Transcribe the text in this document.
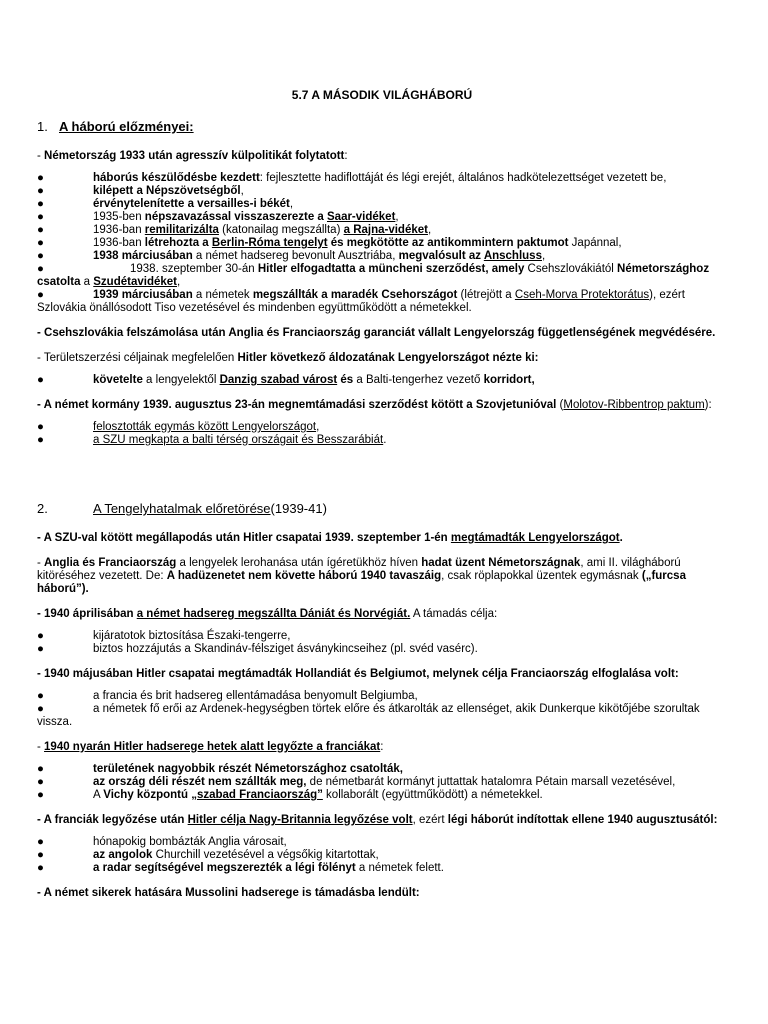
5.7 A MÁSODIK VILÁGHÁBORÚ
1. A háború előzményei:
- Németország 1933 után agresszív külpolitikát folytatott:
●	háborús készülődésbe kezdett: fejlesztette hadiflottáját és légi erejét, általános hadkötelezettséget vezetett be,
●	kilépett a Népszövetségből,
●	érvénytelenítette a versailles-i békét,
●	1935-ben népszavazással visszaszerezte a Saar-vidéket,
●	1936-ban remilitarizálta (katonailag megszállta) a Rajna-vidéket,
●	1936-ban létrehozta a Berlin-Róma tengelyt és megkötötte az antikommintern paktumot Japánnal,
●	1938 márciusában a német hadsereg bevonult Ausztriába, megvalósult az Anschluss,
●	1938. szeptember 30-án Hitler elfogadtatta a müncheni szerződést, amely Csehszlovákiától Németországhoz csatolta a Szudétavidéket,
●	1939 márciusában a németek megszállták a maradék Csehországot (létrejött a Cseh-Morva Protektorátus), ezért Szlovákia önállósodott Tiso vezetésével és mindenben együttműködött a németekkel.
- Csehszlovákia felszámolása után Anglia és Franciaország garanciát vállalt Lengyelország függetlenségének megvédésére.
- Területszerzési céljainak megfelelően Hitler következő áldozatának Lengyelországot nézte ki:
●	követelte a lengyelektől Danzig szabad várost és a Balti-tengerhez vezető korridort,
- A német kormány 1939. augusztus 23-án megnemtámadási szerződést kötött a Szovjetunióval (Molotov-Ribbentrop paktum):
●	felosztották egymás között Lengyelországot,
●	a SZU megkapta a balti térség országait és Besszarábiát.
2.	A Tengelyhatalmak előretörése(1939-41)
- A SZU-val kötött megállapodás után Hitler csapatai 1939. szeptember 1-én megtámadták Lengyelországot.
- Anglia és Franciaország a lengyelek lerohanása után ígéretükhöz híven hadat üzent Németországnak, ami II. világháború kitöréséhez vezetett. De: A hadüzenetet nem követte háború 1940 tavaszáig, csak röplapokkal üzentek egymásnak („furcsa háború”).
- 1940 áprilisában a német hadsereg megszállta Dániát és Norvégiát. A támadás célja:
●	kijáratotok biztosítása Északi-tengerre,
●	biztos hozzájutás a Skandináv-félsziget ásványkincseihez (pl. svéd vasérc).
- 1940 májusában Hitler csapatai megtámadták Hollandiát és Belgiumot, melynek célja Franciaország elfoglalása volt:
●	a francia és brit hadsereg ellentámadása benyomult Belgiumba,
●	a németek fő erői az Ardenek-hegységben törtek előre és átkarolták az ellenséget, akik Dunkerque kikötőjébe szorultak vissza.
- 1940 nyarán Hitler hadserege hetek alatt legyőzte a franciákat:
●	területének nagyobbik részét Németországhoz csatolták,
●	az ország déli részét nem szállták meg, de németbarát kormányt juttattak hatalomra Pétain marsall vezetésével,
●	A Vichy központú „szabad Franciaország” kollaborált (együttműködött) a németekkel.
- A franciák legyőzése után Hitler célja Nagy-Britannia legyőzése volt, ezért légi háborút indítottak ellene 1940 augusztusától:
●	hónapokig bombázták Anglia városait,
●	az angolok Churchill vezetésével a végsőkig kitartottak,
●	a radar segítségével megszerezték a légi fölényt a németek felett.
- A német sikerek hatására Mussolini hadserege is támadásba lendült:
